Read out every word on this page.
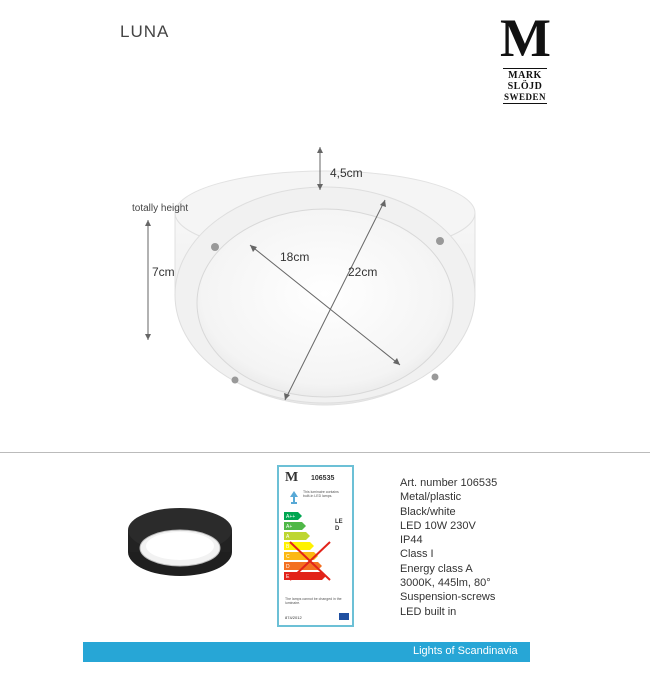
LUNA	M
MARK
SLÖJD
SWEDEN
totally height
7cm
4,5cm
18cm
22cm
M 106535
This luminaire contains built-in LED lamps.
A++
A+
A
B
C
D
E
LED
The lamps cannot be changed in the luminaire.
874/2012
Art. number 106535
Metal/plastic
Black/white
LED 10W 230V
IP44
Class I
Energy class A
3000K, 445lm, 80°
Suspension-screws
LED built in
Lights of Scandinavia
